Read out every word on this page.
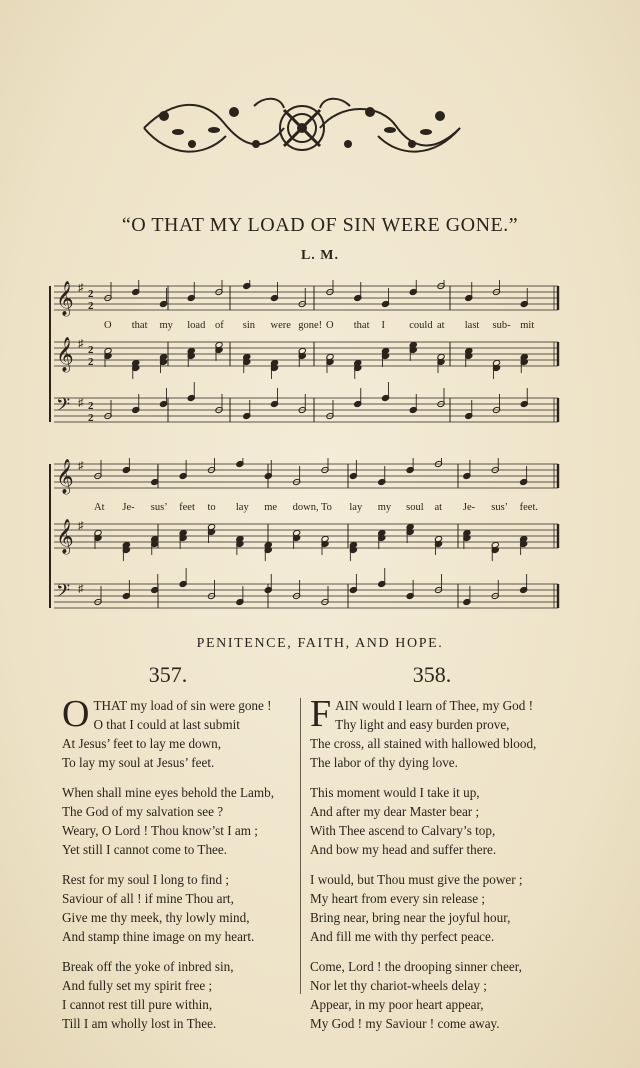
“O THAT MY LOAD OF SIN WERE GONE.”
L. M.
𝄞 ♯ 2
2
𝄞 ♯ 2
2
𝄢 ♯ 2
2
O that my load of sin were gone! O that I could at last sub- mit
𝄞 ♯
𝄞 ♯
𝄢 ♯
At Je- sus’ feet to lay me down, To lay my soul at Je- sus’ feet.
PENITENCE, FAITH, AND HOPE.
357.	358.
O THAT my load of sin were gone !
O that I could at last submit
At Jesus’ feet to lay me down,
To lay my soul at Jesus’ feet.
When shall mine eyes behold the Lamb,
The God of my salvation see ?
Weary, O Lord ! Thou know’st I am ;
Yet still I cannot come to Thee.
Rest for my soul I long to find ;
Saviour of all ! if mine Thou art,
Give me thy meek, thy lowly mind,
And stamp thine image on my heart.
Break off the yoke of inbred sin,
And fully set my spirit free ;
I cannot rest till pure within,
Till I am wholly lost in Thee.
F AIN would I learn of Thee, my God !
Thy light and easy burden prove,
The cross, all stained with hallowed blood,
The labor of thy dying love.
This moment would I take it up,
And after my dear Master bear ;
With Thee ascend to Calvary’s top,
And bow my head and suffer there.
I would, but Thou must give the power ;
My heart from every sin release ;
Bring near, bring near the joyful hour,
And fill me with thy perfect peace.
Come, Lord ! the drooping sinner cheer,
Nor let thy chariot-wheels delay ;
Appear, in my poor heart appear,
My God ! my Saviour ! come away.
